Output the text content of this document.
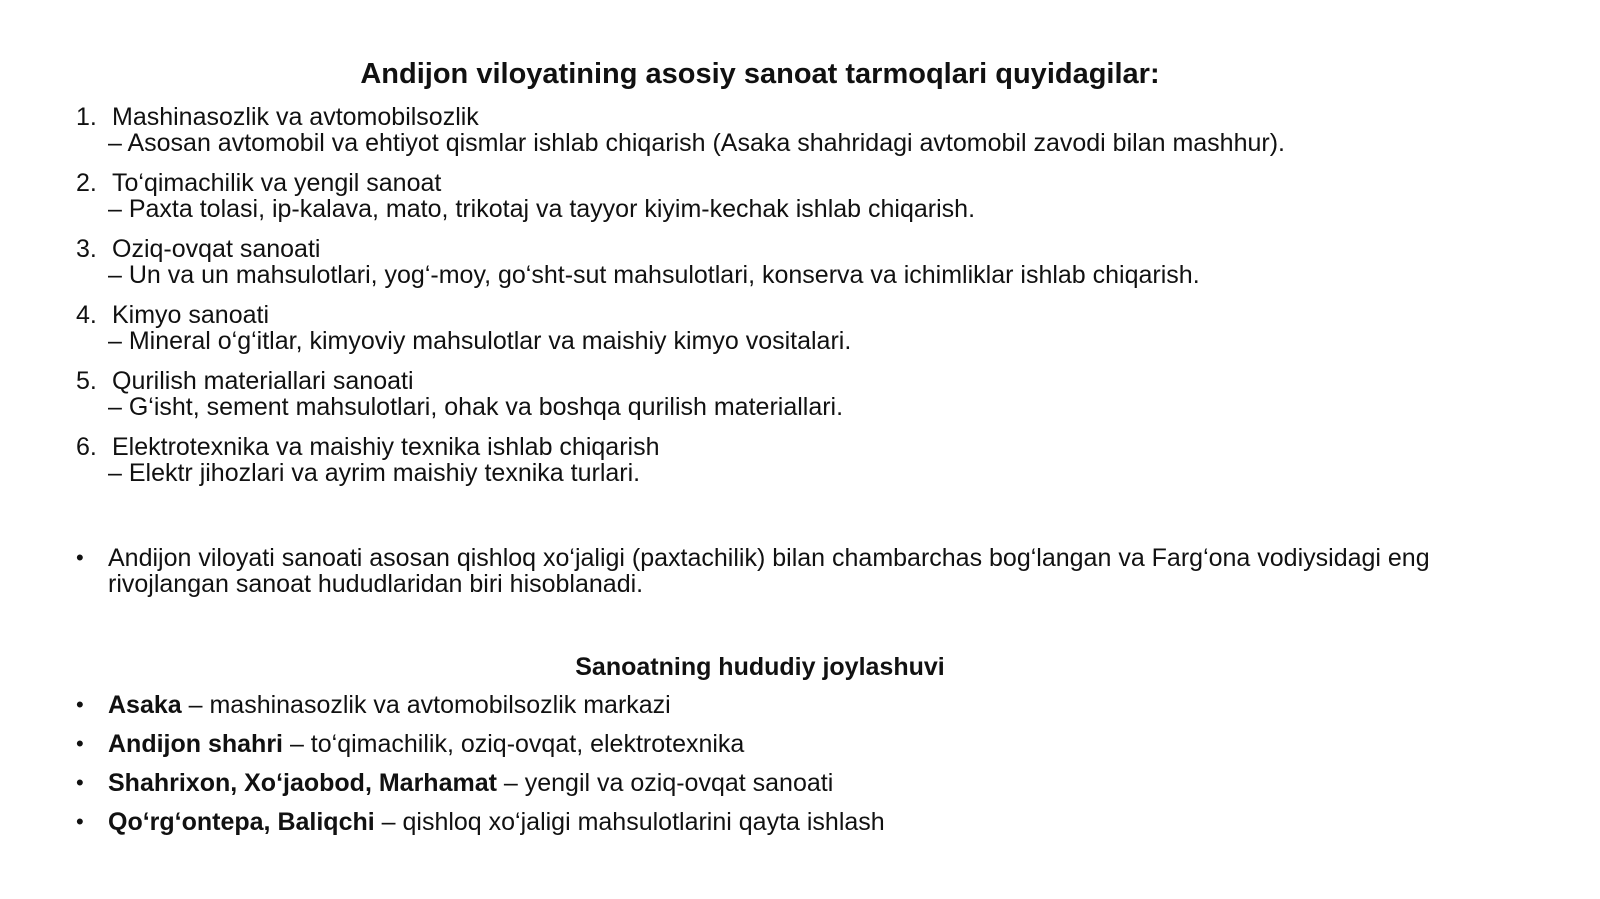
Andijon viloyatining asosiy sanoat tarmoqlari quyidagilar:
1. Mashinasozlik va avtomobilsozlik
– Asosan avtomobil va ehtiyot qismlar ishlab chiqarish (Asaka shahridagi avtomobil zavodi bilan mashhur).
2. To‘qimachilik va yengil sanoat
– Paxta tolasi, ip-kalava, mato, trikotaj va tayyor kiyim-kechak ishlab chiqarish.
3. Oziq-ovqat sanoati
– Un va un mahsulotlari, yog‘-moy, go‘sht-sut mahsulotlari, konserva va ichimliklar ishlab chiqarish.
4. Kimyo sanoati
– Mineral o‘g‘itlar, kimyoviy mahsulotlar va maishiy kimyo vositalari.
5. Qurilish materiallari sanoati
– G‘isht, sement mahsulotlari, ohak va boshqa qurilish materiallari.
6. Elektrotexnika va maishiy texnika ishlab chiqarish
– Elektr jihozlari va ayrim maishiy texnika turlari.
• Andijon viloyati sanoati asosan qishloq xo‘jaligi (paxtachilik) bilan chambarchas bog‘langan va Farg‘ona vodiysidagi eng rivojlangan sanoat hududlaridan biri hisoblanadi.
Sanoatning hududiy joylashuvi
• Asaka – mashinasozlik va avtomobilsozlik markazi
• Andijon shahri – to‘qimachilik, oziq-ovqat, elektrotexnika
• Shahrixon, Xo‘jaobod, Marhamat – yengil va oziq-ovqat sanoati
• Qo‘rg‘ontepa, Baliqchi – qishloq xo‘jaligi mahsulotlarini qayta ishlash
